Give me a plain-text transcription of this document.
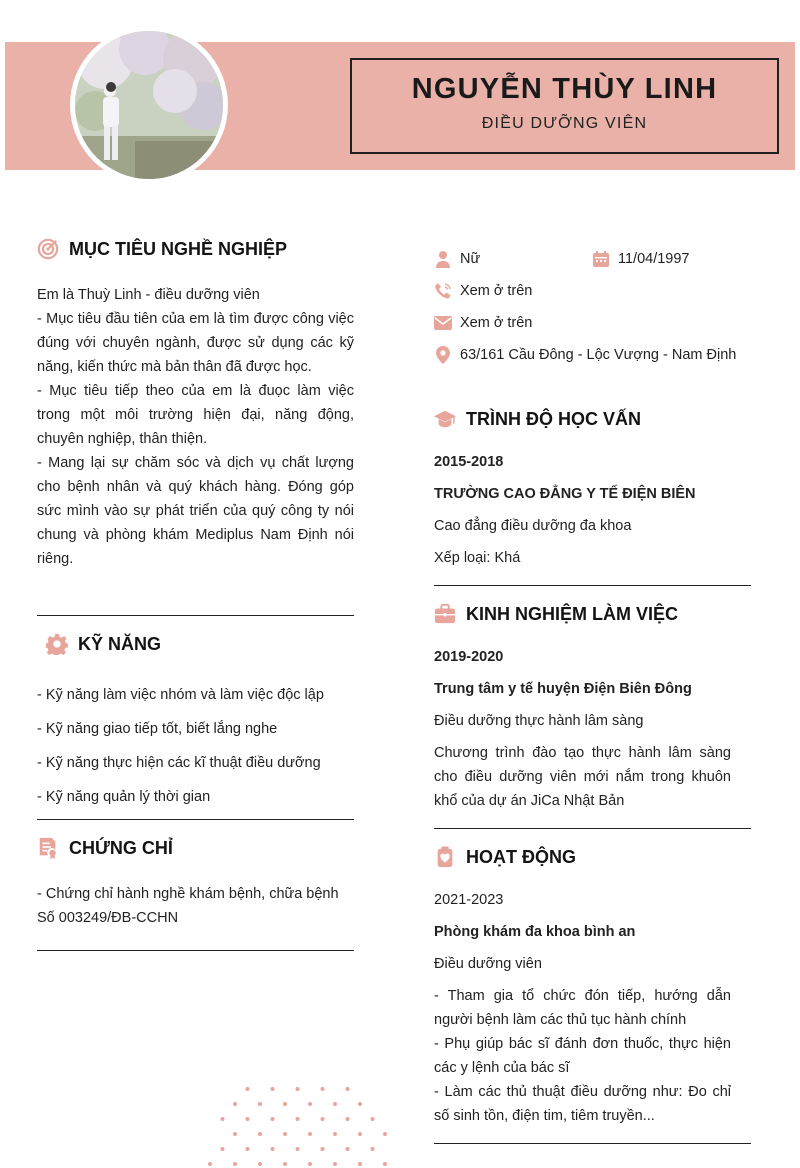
NGUYỄN THÙY LINH
ĐIỀU DƯỠNG VIÊN
MỤC TIÊU NGHỀ NGHIỆP
Em là Thuỳ Linh - điều dưỡng viên
- Mục tiêu đầu tiên của em là tìm được công việc đúng với chuyên ngành, được sử dụng các kỹ năng, kiến thức mà bản thân đã được học.
- Mục tiêu tiếp theo của em là đuọc làm việc trong một môi trường hiện đại, năng động, chuyên nghiệp, thân thiện.
- Mang lại sự chăm sóc và dịch vụ chất lượng cho bệnh nhân và quý khách hàng. Đóng góp sức mình vào sự phát triển của quý công ty nói chung và phòng khám Mediplus Nam Định nói riêng.
KỸ NĂNG
- Kỹ năng làm việc nhóm và làm việc độc lập
- Kỹ năng giao tiếp tốt, biết lắng nghe
- Kỹ năng thực hiện các kĩ thuật điều dưỡng
- Kỹ năng quản lý thời gian
CHỨNG CHỈ
- Chứng chỉ hành nghề khám bệnh, chữa bệnh Số 003249/ĐB-CCHN
Nữ	11/04/1997
Xem ở trên
Xem ở trên
63/161 Cầu Đông - Lộc Vượng - Nam Định
TRÌNH ĐỘ HỌC VẤN
2015-2018
TRƯỜNG CAO ĐẲNG Y TẾ ĐIỆN BIÊN
Cao đẳng điều dưỡng đa khoa
Xếp loại: Khá
KINH NGHIỆM LÀM VIỆC
2019-2020
Trung tâm y tế huyện Điện Biên Đông
Điều dưỡng thực hành lâm sàng
Chương trình đào tạo thực hành lâm sàng cho điều dưỡng viên mới nắm trong khuôn khổ của dự án JiCa Nhật Bản
HOẠT ĐỘNG
2021-2023
Phòng khám đa khoa bình an
Điều dưỡng viên
- Tham gia tổ chức đón tiếp, hướng dẫn người bệnh làm các thủ tục hành chính
- Phụ giúp bác sĩ đánh đơn thuốc, thực hiện các y lệnh của bác sĩ
- Làm các thủ thuật điều dưỡng như: Đo chỉ số sinh tồn, điện tim, tiêm truyền...
